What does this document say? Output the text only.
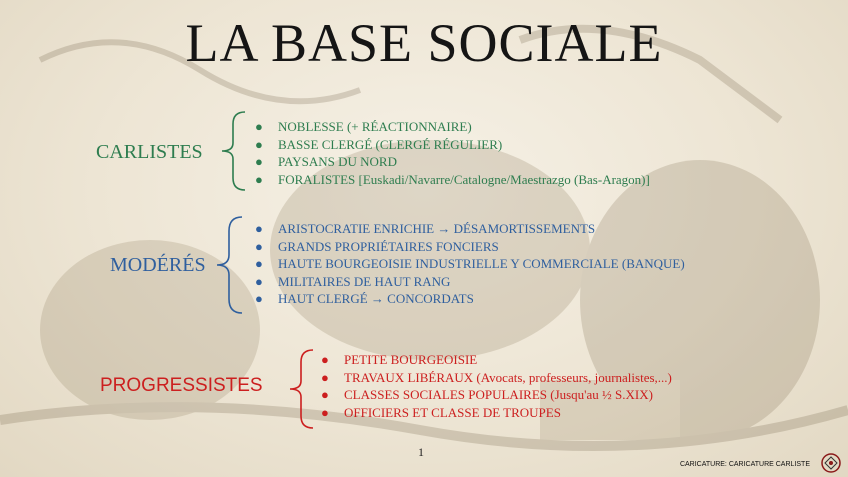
LA BASE SOCIALE
CARLISTES
● NOBLESSE (+ RÉACTIONNAIRE)
● BASSE CLERGÉ (CLERGÉ RÉGULIER)
● PAYSANS DU NORD
● FORALISTES [Euskadi/Navarre/Catalogne/Maestrazgo (Bas-Aragon)]
MODÉRÉS
● ARISTOCRATIE ENRICHIE → DÉSAMORTISSEMENTS
● GRANDS PROPRIÉTAIRES FONCIERS
● HAUTE BOURGEOISIE INDUSTRIELLE Y COMMERCIALE (BANQUE)
● MILITAIRES DE HAUT RANG
● HAUT CLERGÉ → CONCORDATS
PROGRESSISTES
● PETITE BOURGEOISIE
● TRAVAUX LIBÉRAUX (Avocats, professeurs, journalistes,...)
● CLASSES SOCIALES POPULAIRES (Jusqu'au ½ S.XIX)
● OFFICIERS ET CLASSE DE TROUPES
1
CARICATURE: CARICATURE CARLISTE
